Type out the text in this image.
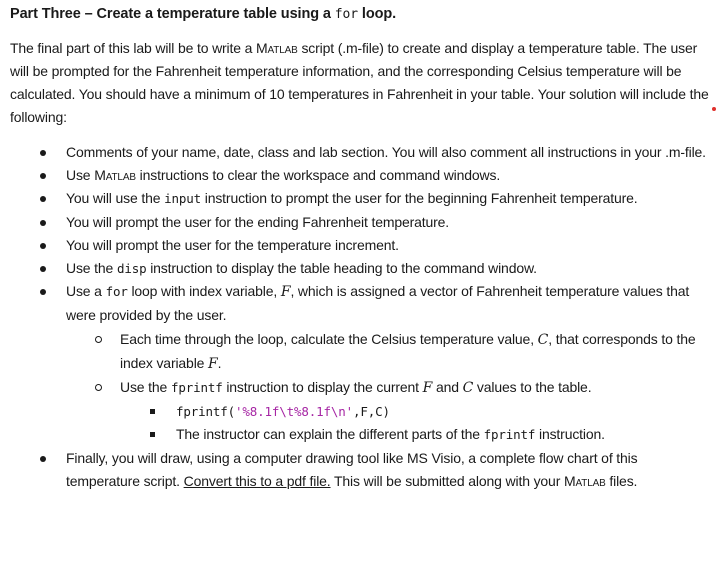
Part Three – Create a temperature table using a for loop.

The final part of this lab will be to write a Matlab script (.m-file) to create and display a temperature table. The user will be prompted for the Fahrenheit temperature information, and the corresponding Celsius temperature will be calculated. You should have a minimum of 10 temperatures in Fahrenheit in your table. Your solution will include the following:

Comments of your name, date, class and lab section. You will also comment all instructions in your .m-file.
Use Matlab instructions to clear the workspace and command windows.
You will use the input instruction to prompt the user for the beginning Fahrenheit temperature.
You will prompt the user for the ending Fahrenheit temperature.
You will prompt the user for the temperature increment.
Use the disp instruction to display the table heading to the command window.
Use a for loop with index variable, F, which is assigned a vector of Fahrenheit temperature values that were provided by the user.
Each time through the loop, calculate the Celsius temperature value, C, that corresponds to the index variable F.
Use the fprintf instruction to display the current F and C values to the table.
fprintf('%8.1f\t%8.1f\n',F,C)
The instructor can explain the different parts of the fprintf instruction.
Finally, you will draw, using a computer drawing tool like MS Visio, a complete flow chart of this temperature script. Convert this to a pdf file. This will be submitted along with your Matlab files.
